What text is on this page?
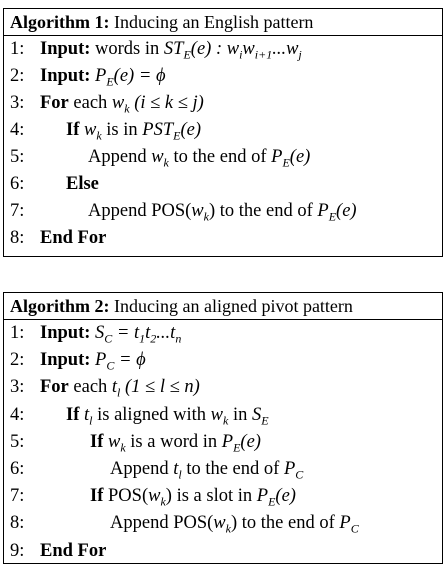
Algorithm 1: Inducing an English pattern
1: Input: words in $ST_E(e)$ : $w_iw_{i+1}...w_j$
2: Input: $P_E(e) = \phi$
3: For each $w_k$ (i ≤ k ≤ j)
4: If $w_k$ is in $PST_E(e)$
5:	Append $w_k$ to the end of $P_E(e)$
6: Else
7:	Append $POS(w_k)$ to the end of $P_E(e)$
8: End For
Algorithm 2: Inducing an aligned pivot pattern
1: Input: $S_C = t_1t_2...t_n$
2: Input: $P_C = \phi$
3: For each $t_l$ (1 ≤ l ≤ n)
4: If $t_l$ is aligned with $w_k$ in $S_E$
5:	If $w_k$ is a word in $P_E(e)$
6:	Append $t_l$ to the end of $P_C$
7:	If $POS(w_k)$ is a slot in $P_E(e)$
8:	Append $POS(w_k)$ to the end of $P_C$
9: End For
